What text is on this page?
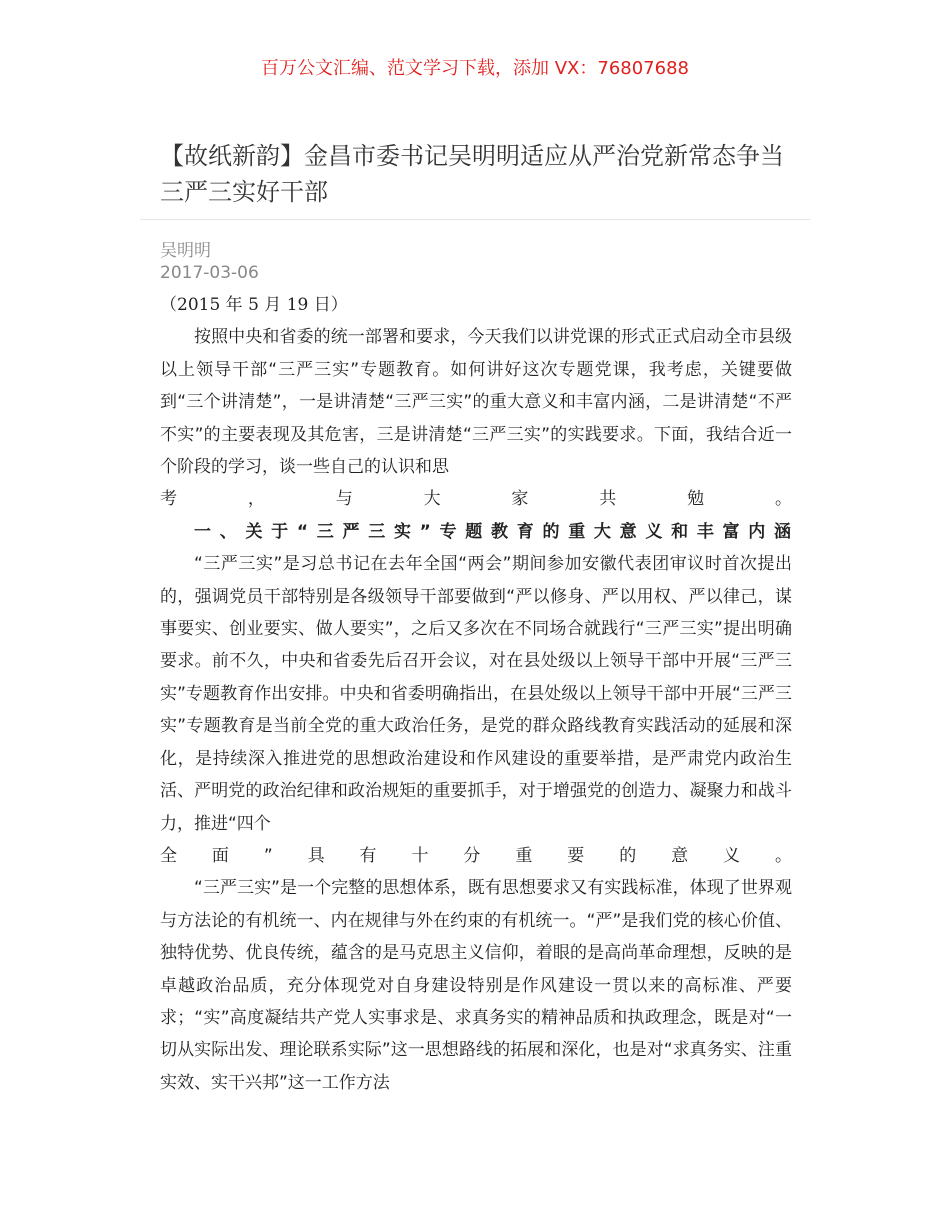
百万公文汇编、范文学习下载，添加 VX：76807688
【故纸新韵】金昌市委书记吴明明适应从严治党新常态争当三严三实好干部
吴明明
2017-03-06

（2015 年 5 月 19 日）

按照中央和省委的统一部署和要求，今天我们以讲党课的形式正式启动全市县级以上领导干部“三严三实”专题教育。如何讲好这次专题党课，我考虑，关键要做到“三个讲清楚”，一是讲清楚“三严三实”的重大意义和丰富内涵，二是讲清楚“不严不实”的主要表现及其危害，三是讲清楚“三严三实”的实践要求。下面，我结合近一个阶段的学习，谈一些自己的认识和思

考，与大家共勉。

一、关于“三严三实”专题教育的重大意义和丰富内涵

“三严三实”是习总书记在去年全国“两会”期间参加安徽代表团审议时首次提出的，强调党员干部特别是各级领导干部要做到“严以修身、严以用权、严以律己，谋事要实、创业要实、做人要实”，之后又多次在不同场合就践行“三严三实”提出明确要求。前不久，中央和省委先后召开会议，对在县处级以上领导干部中开展“三严三实”专题教育作出安排。中央和省委明确指出，在县处级以上领导干部中开展“三严三实”专题教育是当前全党的重大政治任务，是党的群众路线教育实践活动的延展和深化，是持续深入推进党的思想政治建设和作风建设的重要举措，是严肃党内政治生活、严明党的政治纪律和政治规矩的重要抓手，对于增强党的创造力、凝聚力和战斗力，推进“四个

全面”具有十分重要的意义。

“三严三实”是一个完整的思想体系，既有思想要求又有实践标准，体现了世界观与方法论的有机统一、内在规律与外在约束的有机统一。“严”是我们党的核心价值、独特优势、优良传统，蕴含的是马克思主义信仰，着眼的是高尚革命理想，反映的是卓越政治品质，充分体现党对自身建设特别是作风建设一贯以来的高标准、严要求；“实”高度凝结共产党人实事求是、求真务实的精神品质和执政理念，既是对“一切从实际出发、理论联系实际”这一思想路线的拓展和深化，也是对“求真务实、注重实效、实干兴邦”这一工作方法
